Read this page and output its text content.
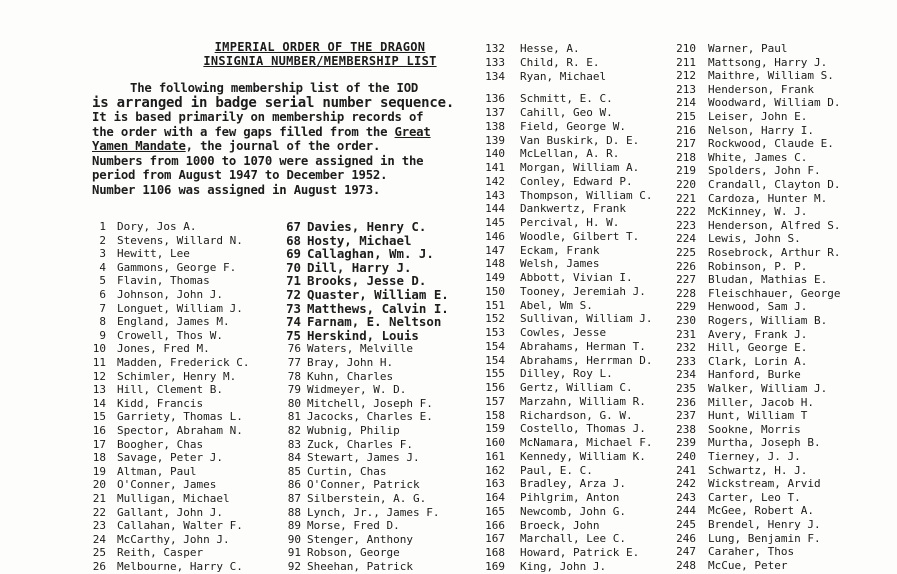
IMPERIAL ORDER OF THE DRAGON
INSIGNIA NUMBER/MEMBERSHIP LIST

The following membership list of the IOD

is arranged in badge serial number sequence.

It is based primarily on membership records of

the order with a few gaps filled from the Great

Yamen Mandate, the journal of the order.

Numbers from 1000 to 1070 were assigned in the

period from August 1947 to December 1952.

Number 1106 was assigned in August 1973.

1 Dory, Jos A.
2 Stevens, Willard N.
3 Hewitt, Lee
4 Gammons, George F.
5 Flavin, Thomas
6 Johnson, John J.
7 Longuet, William J.
8 England, James M.
9 Crowell, Thos W.
10 Jones, Fred M.
11 Madden, Frederick C.
12 Schimler, Henry M.
13 Hill, Clement B.
14 Kidd, Francis
15 Garriety, Thomas L.
16 Spector, Abraham N.
17 Boogher, Chas
18 Savage, Peter J.
19 Altman, Paul
20 O'Conner, James
21 Mulligan, Michael
22 Gallant, John J.
23 Callahan, Walter F.
24 McCarthy, John J.
25 Reith, Casper
26 Melbourne, Harry C.
67 Davies, Henry C.
68 Hosty, Michael
69 Callaghan, Wm. J.
70 Dill, Harry J.
71 Brooks, Jesse D.
72 Quaster, William E.
73 Matthews, Calvin I.
74 Farnam, E. Neltson
75 Herskind, Louis
76 Waters, Melville
77 Bray, John H.
78 Kuhn, Charles
79 Widmeyer, W. D.
80 Mitchell, Joseph F.
81 Jacocks, Charles E.
82 Wubnig, Philip
83 Zuck, Charles F.
84 Stewart, James J.
85 Curtin, Chas
86 O'Conner, Patrick
87 Silberstein, A. G.
88 Lynch, Jr., James F.
89 Morse, Fred D.
90 Stenger, Anthony
91 Robson, George
92 Sheehan, Patrick
132 Hesse, A.
133 Child, R. E.
134 Ryan, Michael
136 Schmitt, E. C.
137 Cahill, Geo W.
138 Field, George W.
139 Van Buskirk, D. E.
140 McLellan, A. R.
141 Morgan, William A.
142 Conley, Edward P.
143 Thompson, William C.
144 Dankwertz, Frank
145 Percival, H. W.
146 Woodle, Gilbert T.
147 Eckam, Frank
148 Welsh, James
149 Abbott, Vivian I.
150 Tooney, Jeremiah J.
151 Abel, Wm S.
152 Sullivan, William J.
153 Cowles, Jesse
154 Abrahams, Herman T.
154 Abrahams, Herrman D.
155 Dilley, Roy L.
156 Gertz, William C.
157 Marzahn, William R.
158 Richardson, G. W.
159 Costello, Thomas J.
160 McNamara, Michael F.
161 Kennedy, William K.
162 Paul, E. C.
163 Bradley, Arza J.
164 Pihlgrim, Anton
165 Newcomb, John G.
166 Broeck, John
167 Marchall, Lee C.
168 Howard, Patrick E.
169 King, John J.
210 Warner, Paul
211 Mattsong, Harry J.
212 Maithre, William S.
213 Henderson, Frank
214 Woodward, William D.
215 Leiser, John E.
216 Nelson, Harry I.
217 Rockwood, Claude E.
218 White, James C.
219 Spolders, John F.
220 Crandall, Clayton D.
221 Cardoza, Hunter M.
222 McKinney, W. J.
223 Henderson, Alfred S.
224 Lewis, John S.
225 Rosebrock, Arthur R.
226 Robinson, P. P.
227 Bludan, Mathias E.
228 Fleischhauer, George
229 Henwood, Sam J.
230 Rogers, William B.
231 Avery, Frank J.
232 Hill, George E.
233 Clark, Lorin A.
234 Hanford, Burke
235 Walker, William J.
236 Miller, Jacob H.
237 Hunt, William T
238 Sookne, Morris
239 Murtha, Joseph B.
240 Tierney, J. J.
241 Schwartz, H. J.
242 Wickstream, Arvid
243 Carter, Leo T.
244 McGee, Robert A.
245 Brendel, Henry J.
246 Lung, Benjamin F.
247 Caraher, Thos
248 McCue, Peter
